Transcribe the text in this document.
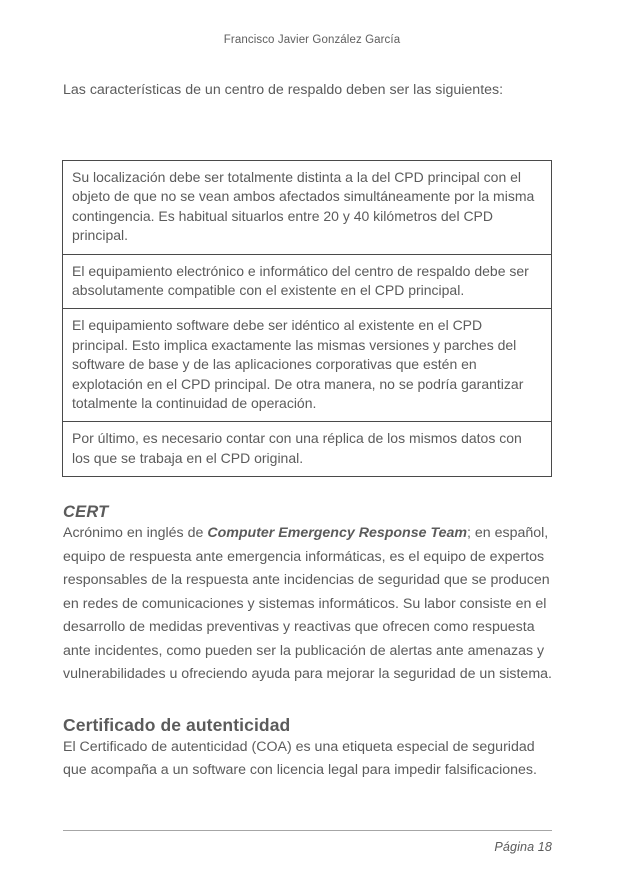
Francisco Javier González García

Las características de un centro de respaldo deben ser las siguientes:

Su localización debe ser totalmente distinta a la del CPD principal con el objeto de que no se vean ambos afectados simultáneamente por la misma contingencia. Es habitual situarlos entre 20 y 40 kilómetros del CPD principal.
El equipamiento electrónico e informático del centro de respaldo debe ser absolutamente compatible con el existente en el CPD principal.
El equipamiento software debe ser idéntico al existente en el CPD principal. Esto implica exactamente las mismas versiones y parches del software de base y de las aplicaciones corporativas que estén en explotación en el CPD principal. De otra manera, no se podría garantizar totalmente la continuidad de operación.
Por último, es necesario contar con una réplica de los mismos datos con los que se trabaja en el CPD original.
CERT

Acrónimo en inglés de Computer Emergency Response Team; en español, equipo de respuesta ante emergencia informáticas, es el equipo de expertos responsables de la respuesta ante incidencias de seguridad que se producen en redes de comunicaciones y sistemas informáticos. Su labor consiste en el desarrollo de medidas preventivas y reactivas que ofrecen como respuesta ante incidentes, como pueden ser la publicación de alertas ante amenazas y vulnerabilidades u ofreciendo ayuda para mejorar la seguridad de un sistema.

Certificado de autenticidad

El Certificado de autenticidad (COA) es una etiqueta especial de seguridad que acompaña a un software con licencia legal para impedir falsificaciones.

Página 18
